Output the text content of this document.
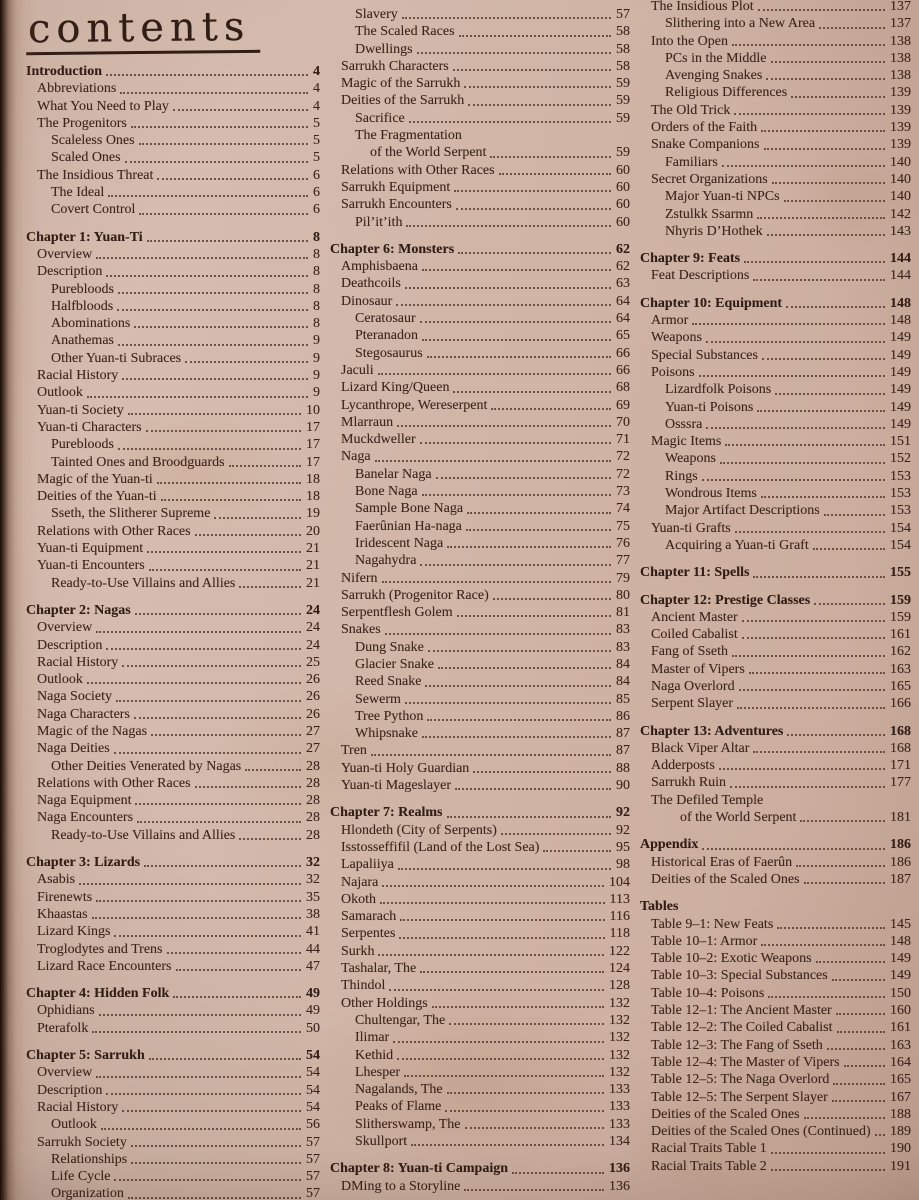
contents
Introduction	4
Abbreviations	4
What You Need to Play	4
The Progenitors	5
Scaleless Ones	5
Scaled Ones	5
The Insidious Threat	6
The Ideal	6
Covert Control	6
Chapter 1: Yuan-Ti	8
Overview	8
Description	8
Purebloods	8
Halfbloods	8
Abominations	8
Anathemas	9
Other Yuan-ti Subraces	9
Racial History	9
Outlook	9
Yuan-ti Society	10
Yuan-ti Characters	17
Purebloods	17
Tainted Ones and Broodguards	17
Magic of the Yuan-ti	18
Deities of the Yuan-ti	18
Sseth, the Slitherer Supreme	19
Relations with Other Races	20
Yuan-ti Equipment	21
Yuan-ti Encounters	21
Ready-to-Use Villains and Allies	21
Chapter 2: Nagas	24
Overview	24
Description	24
Racial History	25
Outlook	26
Naga Society	26
Naga Characters	26
Magic of the Nagas	27
Naga Deities	27
Other Deities Venerated by Nagas	28
Relations with Other Races	28
Naga Equipment	28
Naga Encounters	28
Ready-to-Use Villains and Allies	28
Chapter 3: Lizards	32
Asabis	32
Firenewts	35
Khaastas	38
Lizard Kings	41
Troglodytes and Trens	44
Lizard Race Encounters	47
Chapter 4: Hidden Folk	49
Ophidians	49
Pterafolk	50
Chapter 5: Sarrukh	54
Overview	54
Description	54
Racial History	54
Outlook	56
Sarrukh Society	57
Relationships	57
Life Cycle	57
Organization	57
Slavery	57
The Scaled Races	58
Dwellings	58
Sarrukh Characters	58
Magic of the Sarrukh	59
Deities of the Sarrukh	59
Sacrifice	59
The Fragmentation
of the World Serpent	59
Relations with Other Races	60
Sarrukh Equipment	60
Sarrukh Encounters	60
Pil’it’ith	60
Chapter 6: Monsters	62
Amphisbaena	62
Deathcoils	63
Dinosaur	64
Ceratosaur	64
Pteranadon	65
Stegosaurus	66
Jaculi	66
Lizard King/Queen	68
Lycanthrope, Wereserpent	69
Mlarraun	70
Muckdweller	71
Naga	72
Banelar Naga	72
Bone Naga	73
Sample Bone Naga	74
Faerûnian Ha-naga	75
Iridescent Naga	76
Nagahydra	77
Nifern	79
Sarrukh (Progenitor Race)	80
Serpentflesh Golem	81
Snakes	83
Dung Snake	83
Glacier Snake	84
Reed Snake	84
Sewerm	85
Tree Python	86
Whipsnake	87
Tren	87
Yuan-ti Holy Guardian	88
Yuan-ti Mageslayer	90
Chapter 7: Realms	92
Hlondeth (City of Serpents)	92
Isstosseffifil (Land of the Lost Sea)	95
Lapaliiya	98
Najara	104
Okoth	113
Samarach	116
Serpentes	118
Surkh	122
Tashalar, The	124
Thindol	128
Other Holdings	132
Chultengar, The	132
Ilimar	132
Kethid	132
Lhesper	132
Nagalands, The	133
Peaks of Flame	133
Slitherswamp, The	133
Skullport	134
Chapter 8: Yuan-ti Campaign	136
DMing to a Storyline	136
The Insidious Plot	137
Slithering into a New Area	137
Into the Open	138
PCs in the Middle	138
Avenging Snakes	138
Religious Differences	139
The Old Trick	139
Orders of the Faith	139
Snake Companions	139
Familiars	140
Secret Organizations	140
Major Yuan-ti NPCs	140
Zstulkk Ssarmn	142
Nhyris D’Hothek	143
Chapter 9: Feats	144
Feat Descriptions	144
Chapter 10: Equipment	148
Armor	148
Weapons	149
Special Substances	149
Poisons	149
Lizardfolk Poisons	149
Yuan-ti Poisons	149
Osssra	149
Magic Items	151
Weapons	152
Rings	153
Wondrous Items	153
Major Artifact Descriptions	153
Yuan-ti Grafts	154
Acquiring a Yuan-ti Graft	154
Chapter 11: Spells	155
Chapter 12: Prestige Classes	159
Ancient Master	159
Coiled Cabalist	161
Fang of Sseth	162
Master of Vipers	163
Naga Overlord	165
Serpent Slayer	166
Chapter 13: Adventures	168
Black Viper Altar	168
Adderposts	171
Sarrukh Ruin	177
The Defiled Temple
of the World Serpent	181
Appendix	186
Historical Eras of Faerûn	186
Deities of the Scaled Ones	187
Tables
Table 9–1: New Feats	145
Table 10–1: Armor	148
Table 10–2: Exotic Weapons	149
Table 10–3: Special Substances	149
Table 10–4: Poisons	150
Table 12–1: The Ancient Master	160
Table 12–2: The Coiled Cabalist	161
Table 12–3: The Fang of Sseth	163
Table 12–4: The Master of Vipers	164
Table 12–5: The Naga Overlord	165
Table 12–5: The Serpent Slayer	167
Deities of the Scaled Ones	188
Deities of the Scaled Ones (Continued) 189
Racial Traits Table 1	190
Racial Traits Table 2	191
